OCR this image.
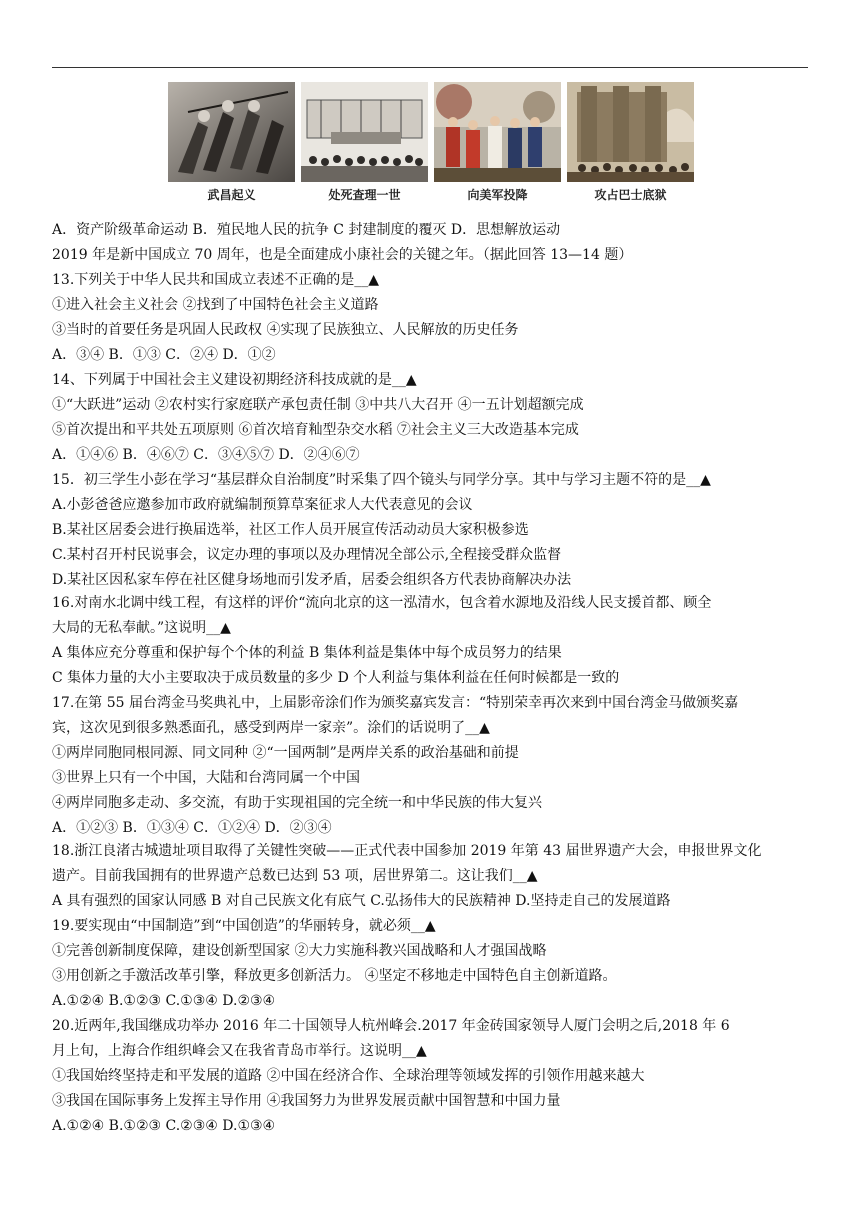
武昌起义	处死查理一世	向美军投降	攻占巴士底狱
A．资产阶级革命运动 B．殖民地人民的抗争 C 封建制度的覆灭 D．思想解放运动
2019 年是新中国成立 70 周年，也是全面建成小康社会的关键之年。（据此回答 13—14 题）
13.下列关于中华人民共和国成立表述不正确的是__▲
①进入社会主义社会 ②找到了中国特色社会主义道路
③当时的首要任务是巩固人民政权 ④实现了民族独立、人民解放的历史任务
A．③④ B．①③ C．②④ D．①②
14、下列属于中国社会主义建设初期经济科技成就的是__▲
①“大跃进”运动 ②农村实行家庭联产承包责任制 ③中共八大召开 ④一五计划超额完成
⑤首次提出和平共处五项原则 ⑥首次培育籼型杂交水稻 ⑦社会主义三大改造基本完成
A．①④⑥ B．④⑥⑦ C．③④⑤⑦ D．②④⑥⑦
15．初三学生小彭在学习“基层群众自治制度”时采集了四个镜头与同学分享。其中与学习主题不符的是__▲
A.小彭爸爸应邀参加市政府就编制预算草案征求人大代表意见的会议
B.某社区居委会进行换届选举，社区工作人员开展宣传活动动员大家积极参选
C.某村召开村民说事会，议定办理的事项以及办理情况全部公示,全程接受群众监督
D.某社区因私家车停在社区健身场地而引发矛盾，居委会组织各方代表协商解决办法
16.对南水北调中线工程，有这样的评价“流向北京的这一泓清水，包含着水源地及沿线人民支援首都、顾全
大局的无私奉献。”这说明__▲
A 集体应充分尊重和保护每个个体的利益 B 集体利益是集体中每个成员努力的结果
C 集体力量的大小主要取决于成员数量的多少 D 个人利益与集体利益在任何时候都是一致的
17.在第 55 届台湾金马奖典礼中，上届影帝涂们作为颁奖嘉宾发言：“特别荣幸再次来到中国台湾金马做颁奖嘉
宾，这次见到很多熟悉面孔，感受到两岸一家亲”。涂们的话说明了__▲
①两岸同胞同根同源、同文同种 ②“一国两制”是两岸关系的政治基础和前提
③世界上只有一个中国，大陆和台湾同属一个中国
④两岸同胞多走动、多交流，有助于实现祖国的完全统一和中华民族的伟大复兴
A．①②③ B．①③④ C．①②④ D．②③④
18.浙江良渚古城遗址项目取得了关键性突破——正式代表中国参加 2019 年第 43 届世界遗产大会，申报世界文化
遗产。目前我国拥有的世界遗产总数已达到 53 项，居世界第二。这让我们__▲
A 具有强烈的国家认同感 B 对自己民族文化有底气 C.弘扬伟大的民族精神 D.坚持走自己的发展道路
19.要实现由“中国制造”到“中国创造”的华丽转身，就必须__▲
①完善创新制度保障，建设创新型国家 ②大力实施科教兴国战略和人才强国战略
③用创新之手激活改革引擎，释放更多创新活力。 ④坚定不移地走中国特色自主创新道路。
A.①②④ B.①②③ C.①③④ D.②③④
20.近两年,我国继成功举办 2016 年二十国领导人杭州峰会.2017 年金砖国家领导人厦门会明之后,2018 年 6
月上旬，上海合作组织峰会又在我省青岛市举行。这说明__▲
①我国始终坚持走和平发展的道路 ②中国在经济合作、全球治理等领域发挥的引领作用越来越大
③我国在国际事务上发挥主导作用 ④我国努力为世界发展贡献中国智慧和中国力量
A.①②④ B.①②③ C.②③④ D.①③④
